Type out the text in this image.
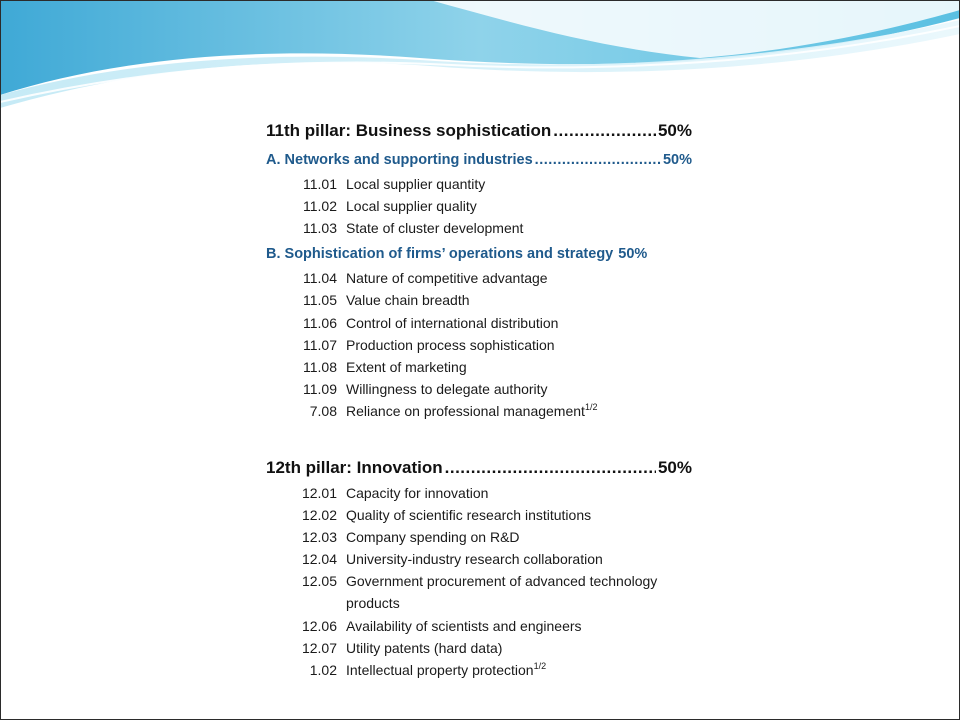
11th pillar: Business sophistication .....	50%
A. Networks and supporting industries .....	50%
11.01 Local supplier quantity
11.02 Local supplier quality
11.03 State of cluster development
B. Sophistication of firms’ operations and strategy 50%
11.04 Nature of competitive advantage
11.05 Value chain breadth
11.06 Control of international distribution
11.07 Production process sophistication
11.08 Extent of marketing
11.09 Willingness to delegate authority
7.08 Reliance on professional management$^{1/2}$
12th pillar: Innovation .....	50%
12.01 Capacity for innovation
12.02 Quality of scientific research institutions
12.03 Company spending on R&D
12.04 University-industry research collaboration
12.05 Government procurement of advanced technology
products
12.06 Availability of scientists and engineers
12.07 Utility patents (hard data)
1.02 Intellectual property protection$^{1/2}$
